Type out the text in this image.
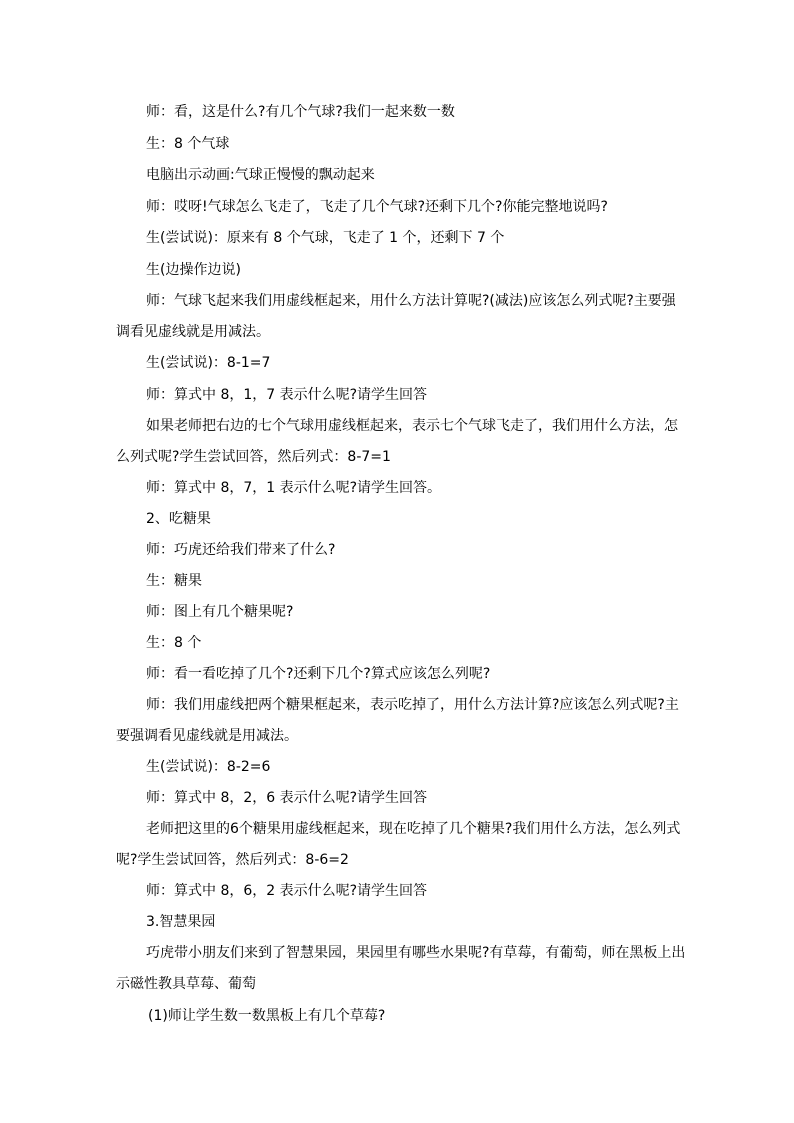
师：看，这是什么?有几个气球?我们一起来数一数

生：8 个气球

电脑出示动画:气球正慢慢的飘动起来

师：哎呀!气球怎么飞走了，飞走了几个气球?还剩下几个?你能完整地说吗?

生(尝试说)：原来有 8 个气球，飞走了 1 个，还剩下 7 个

生(边操作边说)

师：气球飞起来我们用虚线框起来，用什么方法计算呢?(减法)应该怎么列式呢?主要强

调看见虚线就是用减法。

生(尝试说)：8-1=7

师：算式中 8，1，7 表示什么呢?请学生回答

如果老师把右边的七个气球用虚线框起来，表示七个气球飞走了，我们用什么方法，怎

么列式呢?学生尝试回答，然后列式：8-7=1

师：算式中 8，7，1 表示什么呢?请学生回答。

2、吃糖果

师：巧虎还给我们带来了什么?

生：糖果

师：图上有几个糖果呢?

生：8 个

师：看一看吃掉了几个?还剩下几个?算式应该怎么列呢?

师：我们用虚线把两个糖果框起来，表示吃掉了，用什么方法计算?应该怎么列式呢?主

要强调看见虚线就是用减法。

生(尝试说)：8-2=6

师：算式中 8，2，6 表示什么呢?请学生回答

老师把这里的6个糖果用虚线框起来，现在吃掉了几个糖果?我们用什么方法，怎么列式

呢?学生尝试回答，然后列式：8-6=2

师：算式中 8，6，2 表示什么呢?请学生回答

3.智慧果园

巧虎带小朋友们来到了智慧果园，果园里有哪些水果呢?有草莓，有葡萄，师在黑板上出

示磁性教具草莓、葡萄

(1)师让学生数一数黑板上有几个草莓?
